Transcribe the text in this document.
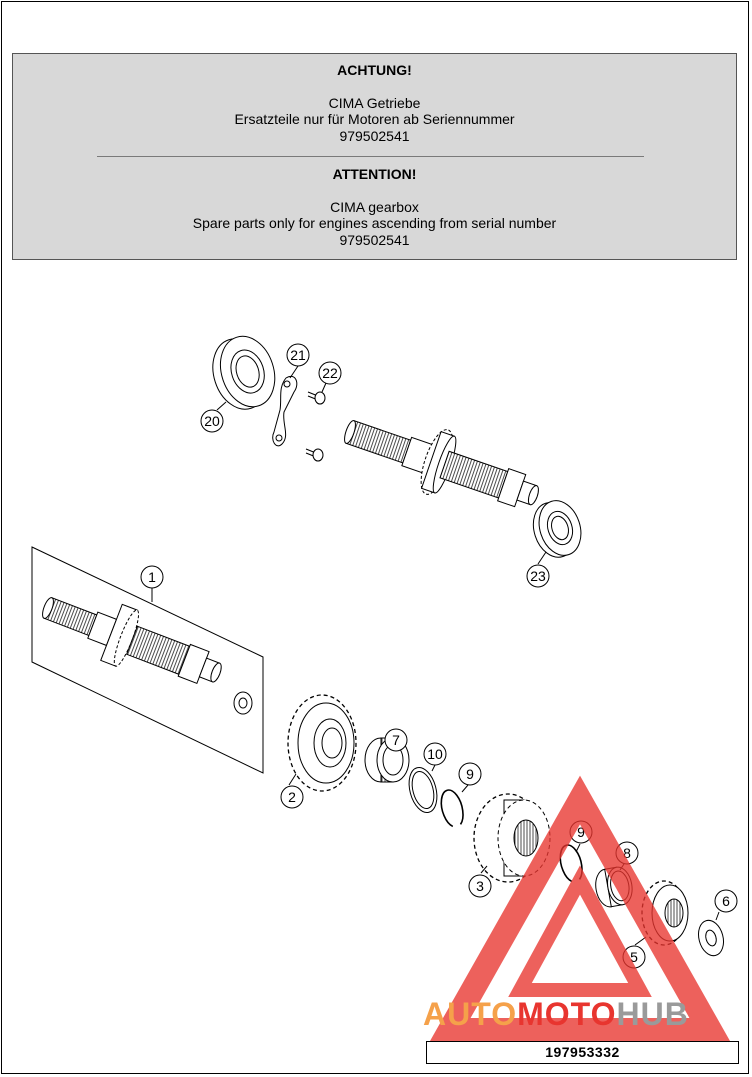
ACHTUNG!
CIMA Getriebe
Ersatzteile nur für Motoren ab Seriennummer
979502541
ATTENTION!
CIMA gearbox
Spare parts only for engines ascending from serial number
979502541
1
21
22
20
23
7
10
9
2
9
8
3
6
5
AUTOMOTOHUB
197953332
